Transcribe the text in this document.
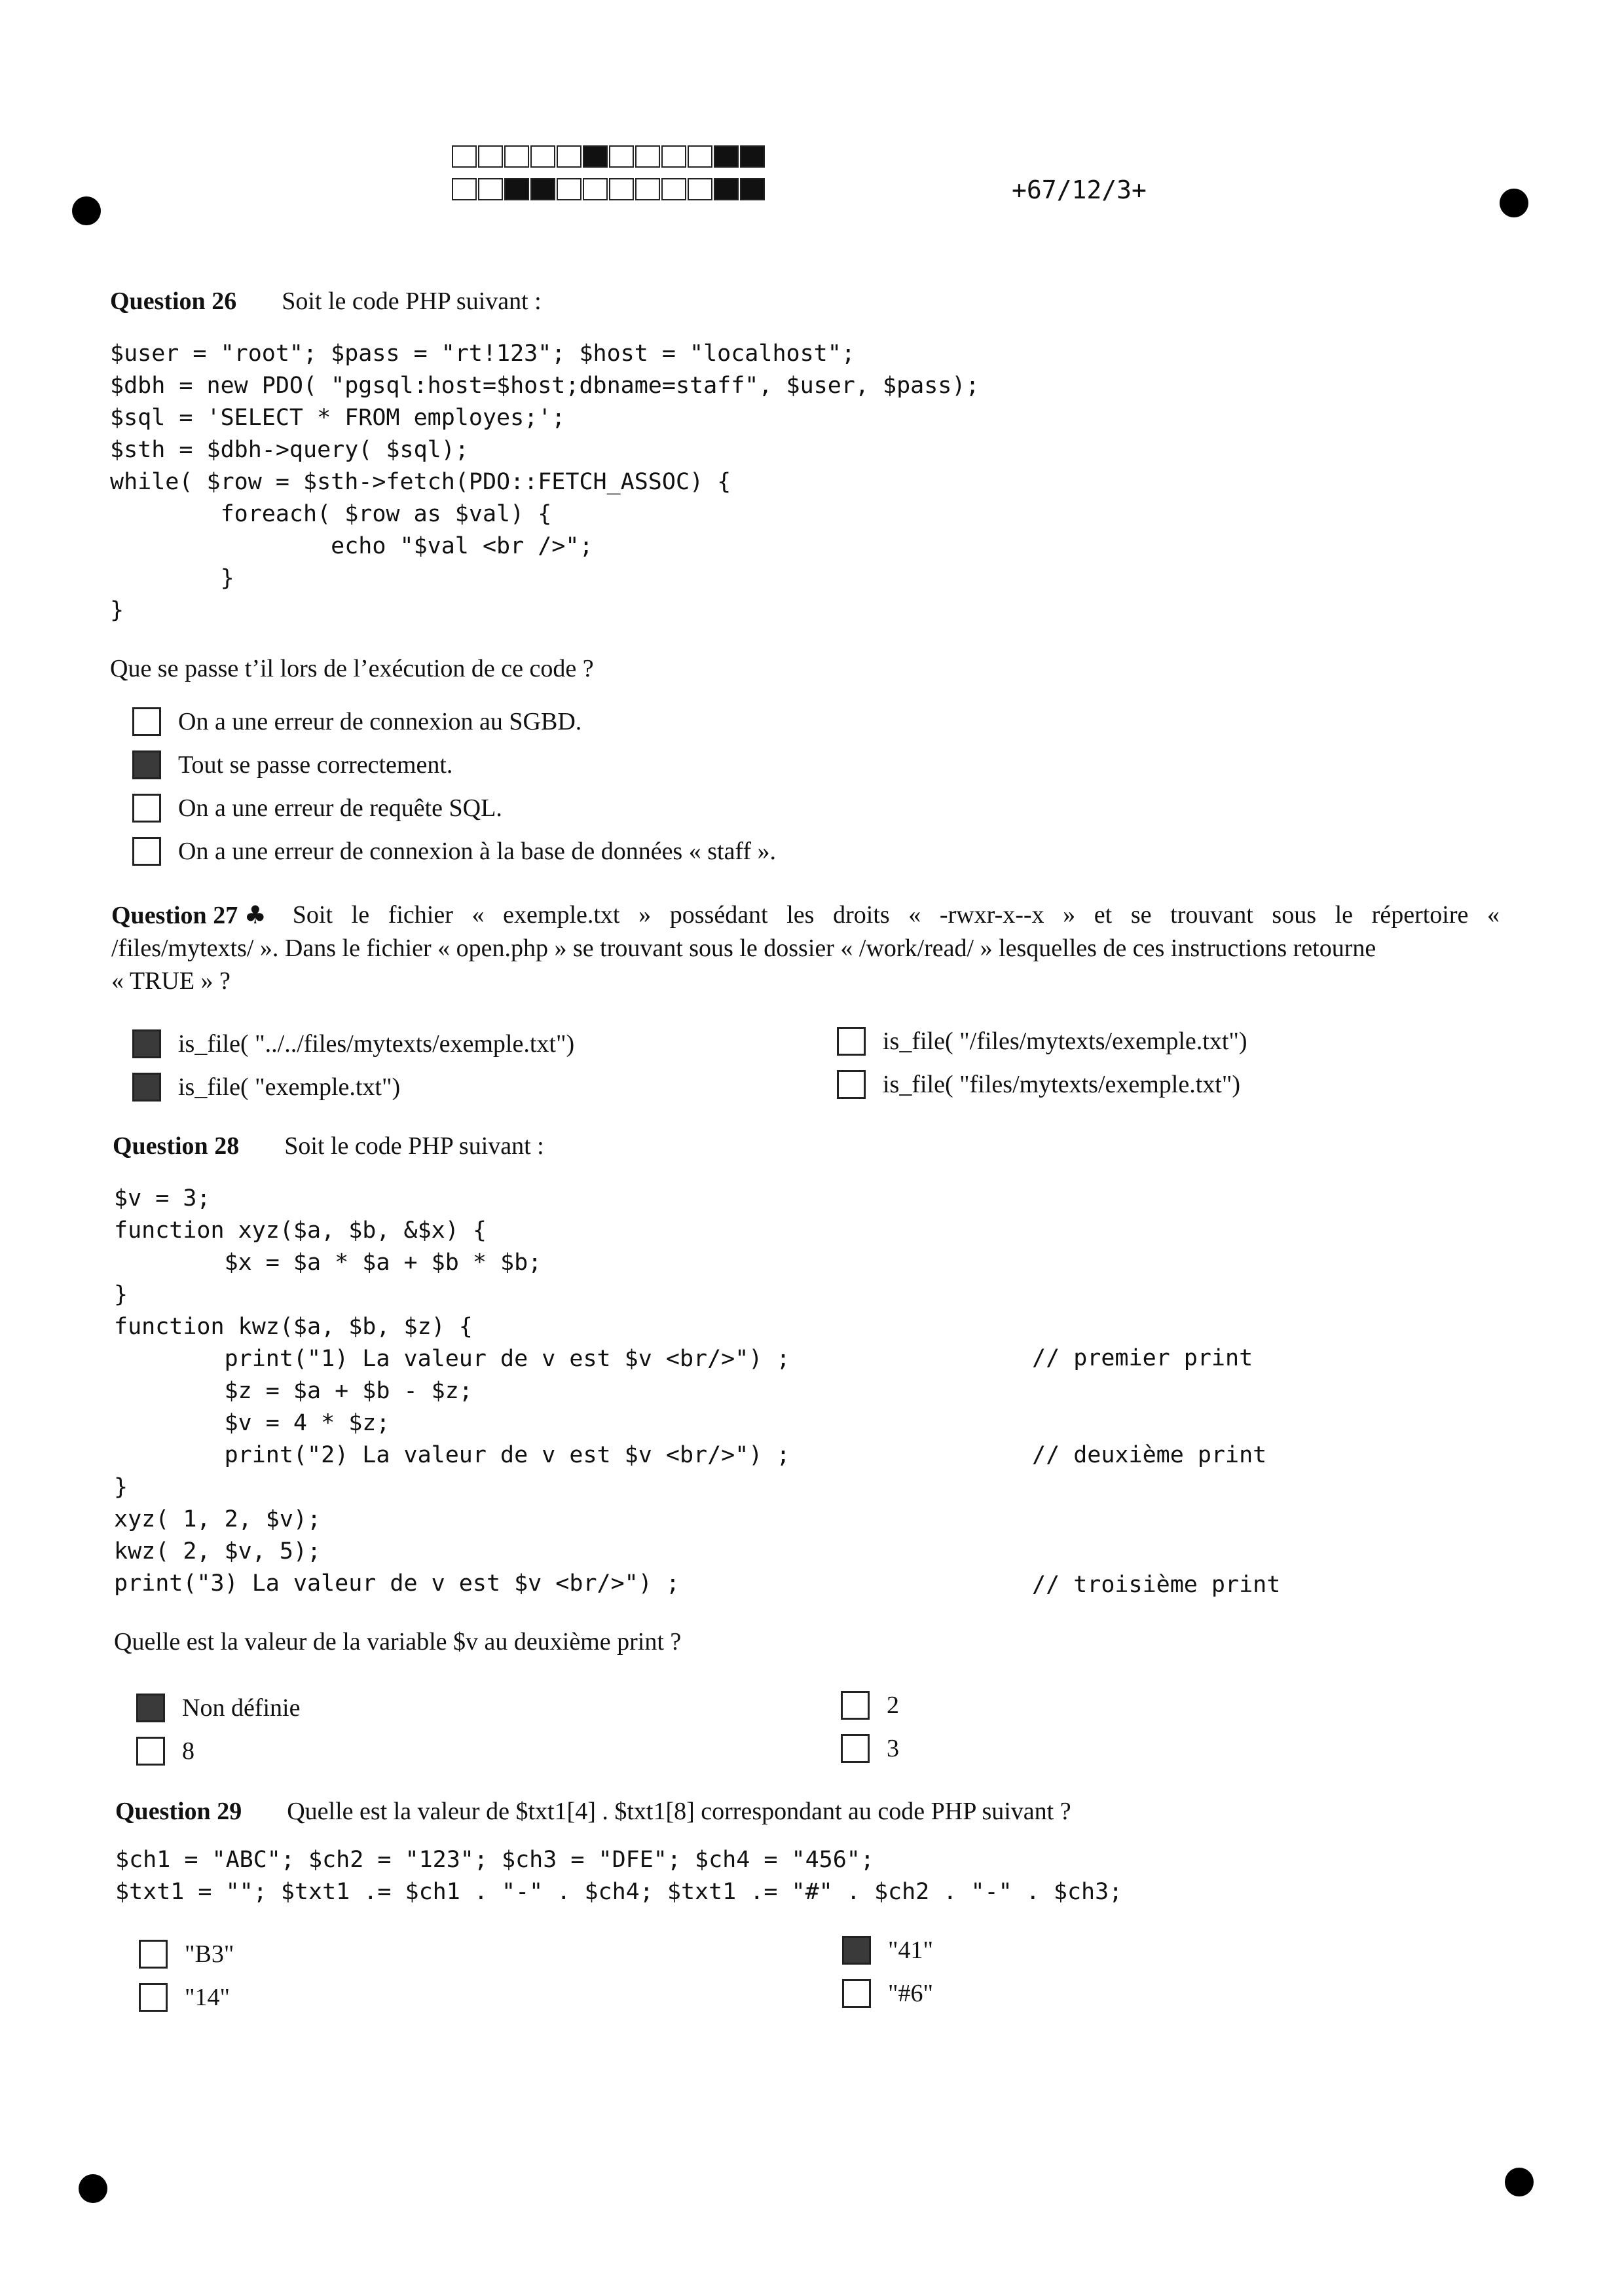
+67/12/3+
Question 26 Soit le code PHP suivant :
$user = "root"; $pass = "rt!123"; $host = "localhost";
$dbh = new PDO( "pgsql:host=$host;dbname=staff", $user, $pass);
$sql = 'SELECT * FROM employes;';
$sth = $dbh->query( $sql);
while( $row = $sth->fetch(PDO::FETCH_ASSOC) {
foreach( $row as $val) {
echo "$val <br />";
}
}
Que se passe t’il lors de l’exécution de ce code ?
On a une erreur de connexion au SGBD.
Tout se passe correctement.
On a une erreur de requête SQL.
On a une erreur de connexion à la base de données « staff ».
Question 27 ♣	Soit le fichier « exemple.txt » possédant les droits « -rwxr-x--x » et se trouvant sous le répertoire «
/files/mytexts/ ». Dans le fichier « open.php » se trouvant sous le dossier « /work/read/ » lesquelles de ces instructions retourne
« TRUE » ?
is_file( "../../files/mytexts/exemple.txt")
is_file( "exemple.txt")
is_file( "/files/mytexts/exemple.txt")
is_file( "files/mytexts/exemple.txt")
Question 28 Soit le code PHP suivant :
$v = 3;
function xyz($a, $b, &$x) {
$x = $a * $a + $b * $b;
}
function kwz($a, $b, $z) {
print("1) La valeur de v est $v <br/>") ;
$z = $a + $b - $z;
$v = 4 * $z;
print("2) La valeur de v est $v <br/>") ;
}
xyz( 1, 2, $v);
kwz( 2, $v, 5);
print("3) La valeur de v est $v <br/>") ;
// premier print
// deuxième print
// troisième print
Quelle est la valeur de la variable $v au deuxième print ?
Non définie
8
2
3
Question 29 Quelle est la valeur de $txt1[4] . $txt1[8] correspondant au code PHP suivant ?
$ch1 = "ABC"; $ch2 = "123"; $ch3 = "DFE"; $ch4 = "456";
$txt1 = ""; $txt1 .= $ch1 . "-" . $ch4; $txt1 .= "#" . $ch2 . "-" . $ch3;
"B3"
"14"
"41"
"#6"
